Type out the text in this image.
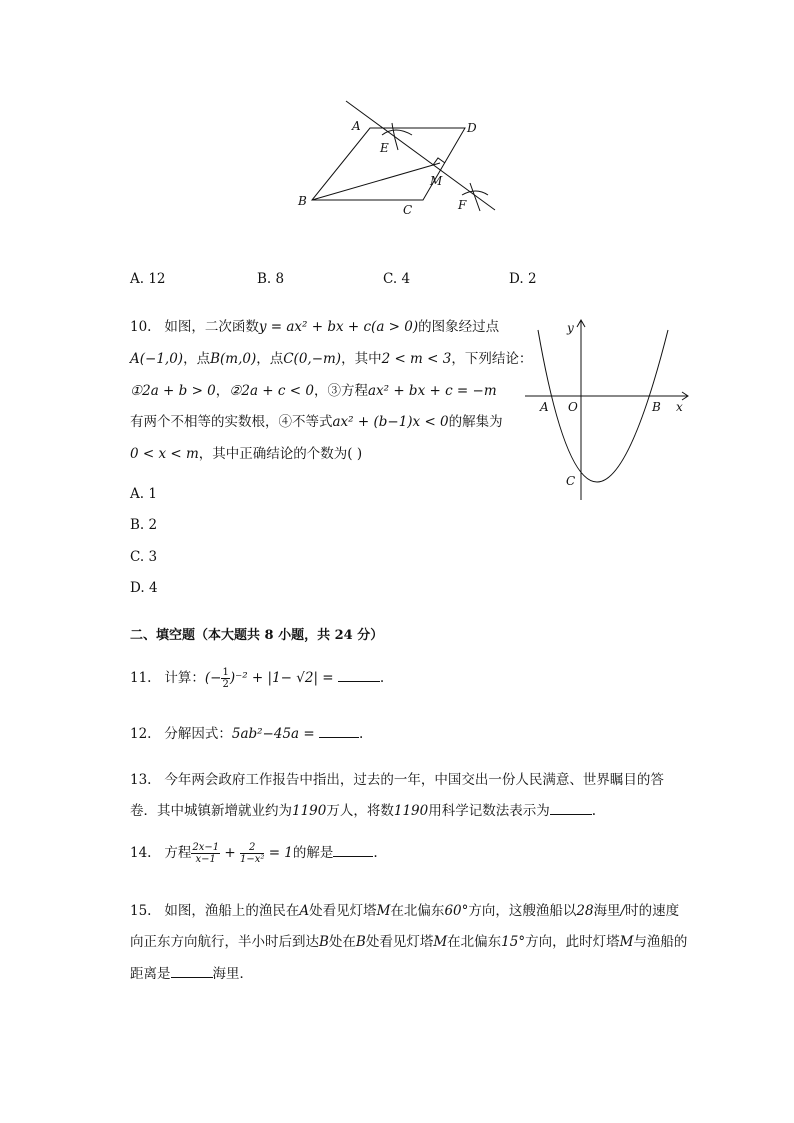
A	D
E
M
B
C	F
A. 12	B. 8	C. 4	D. 2
10. 如图，二次函数y = ax² + bx + c(a > 0)的图象经过点
A(−1,0)，点B(m,0)，点C(0,−m)，其中2 < m < 3，下列结论：
①2a + b > 0，②2a + c < 0，③方程ax² + bx + c = −m
有两个不相等的实数根，④不等式ax² + (b−1)x < 0的解集为
0 < x < m，其中正确结论的个数为( )
A. 1
B. 2
C. 3
D. 4
y
x
A O	B
C
二、填空题（本大题共 8 小题，共 24 分）
11. 计算：(− $\frac{1}{2} )^{-2} + |1- √2|$ =	.
12. 分解因式：5ab²−45a =	.
13. 今年两会政府工作报告中指出，过去的一年，中国交出一份人民满意、世界瞩目的答
卷．其中城镇新增就业约为1190万人，将数1190用科学记数法表示为	.
14. 方程 $\frac{2x-1}{x-1} + \frac{2}{\text{1−x²}} = 1$的解是	.
15. 如图，渔船上的渔民在A处看见灯塔M在北偏东60°方向，这艘渔船以28海里/时的速度
向正东方向航行，半小时后到达B处在B处看见灯塔M在北偏东15°方向，此时灯塔M与渔船的
距离是	海里．
